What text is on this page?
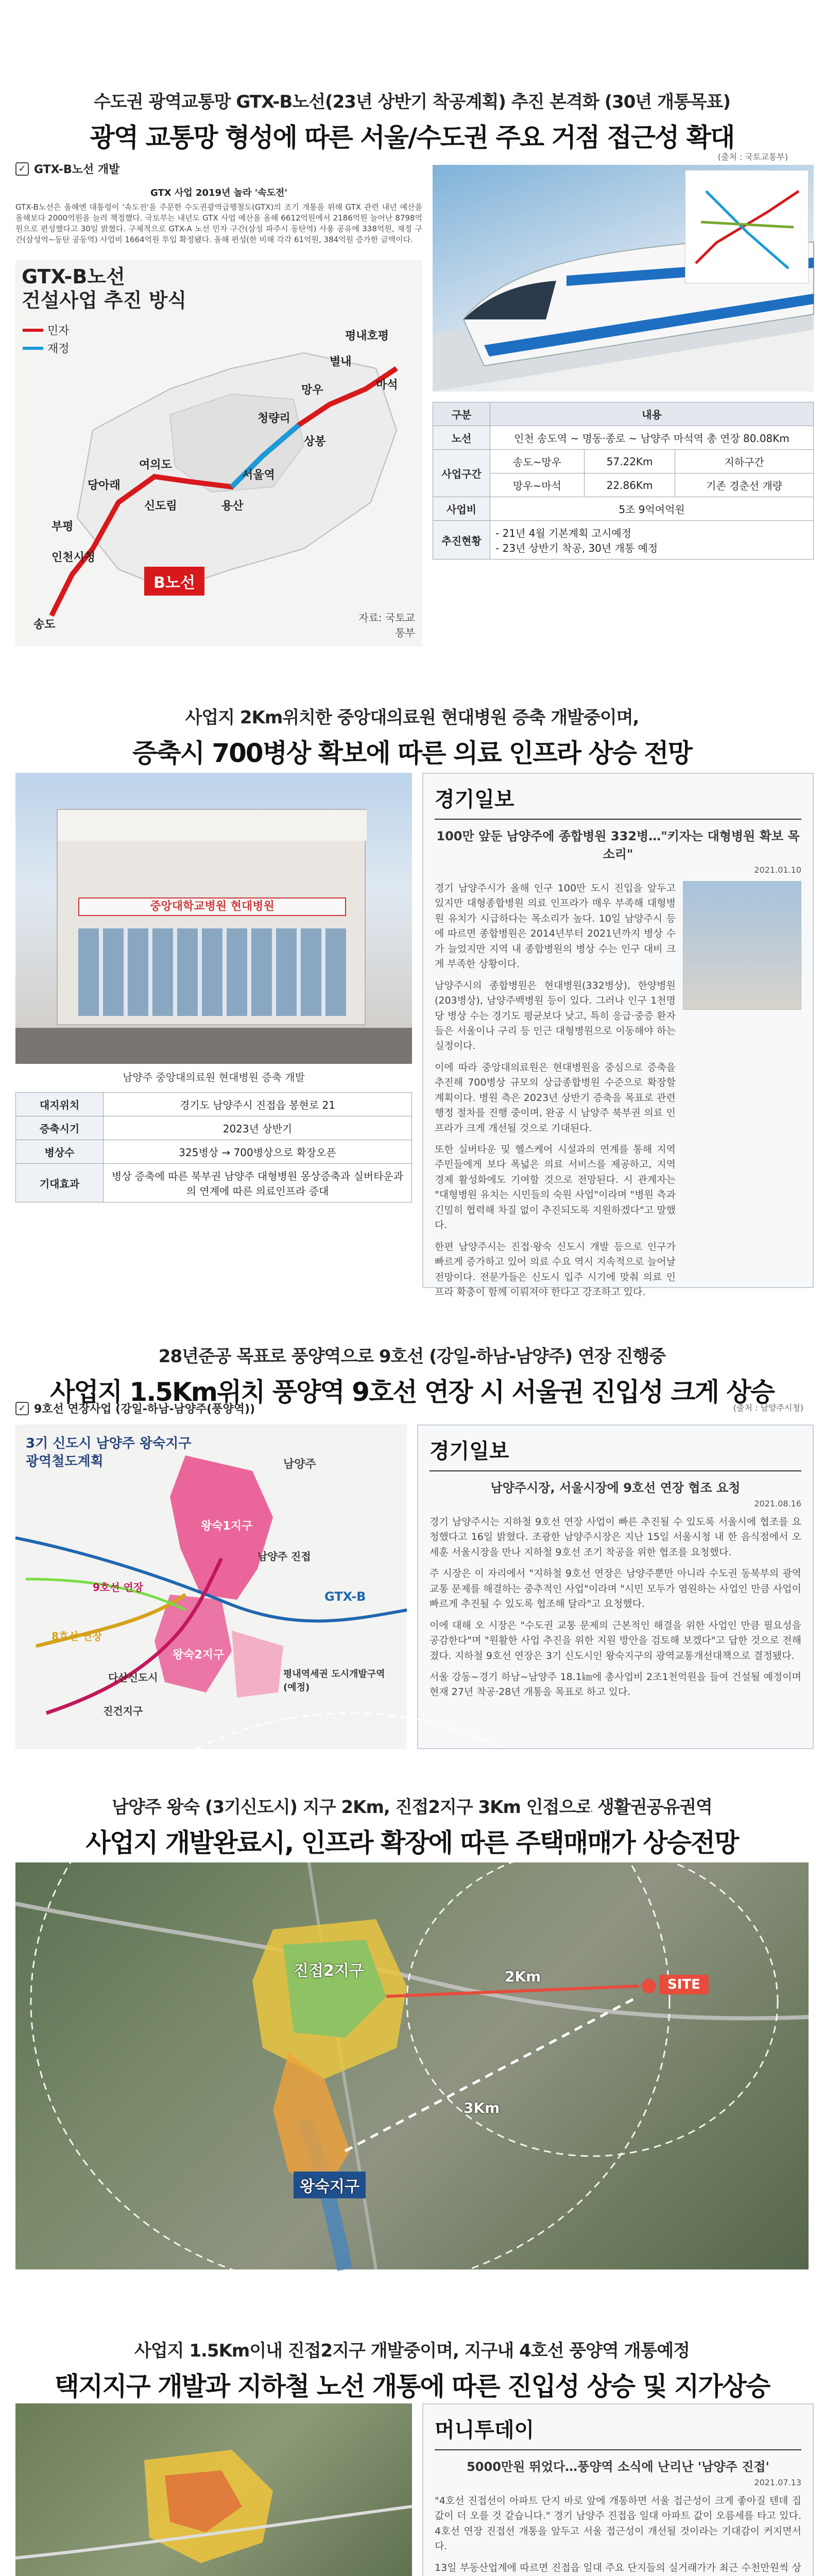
수도권 광역교통망 GTX-B노선(23년 상반기 착공계획) 추진 본격화 (30년 개통목표)
광역 교통망 형성에 따른 서울/수도권 주요 거점 접근성 확대
(출처 : 국토교통부)
✓ GTX-B노선 개발
GTX 사업 2019년 놀라 '속도전'
GTX-B노선은 올해엔 대통령이 '속도전'을 주문한 수도권광역급행철도(GTX)의 조기 개통을 위해 GTX 관련 내년 예산을 올해보다 2000억원을 늘려 책정했다. 국토부는 내년도 GTX 사업 예산을 올해 6612억원에서 2186억원 늘어난 8798억원으로 편성했다고 30일 밝혔다. 구체적으로 GTX-A 노선 민자 구간(삼성 파주시 동탄역) 사용 공유에 338억원, 재정 구간(삼성역~동탄 공동역) 사업비 1664억원 투입 확정됐다. 올해 편성(한 비해 각각 61억원, 384억원 증가한 금액이다.
GTX-B노선
건설사업 추진 방식
민자
재정
송도
인천시청
부평
당아래
여의도
신도림	용산
서울역
청량리
망우
별내
평내호평
마석
상봉
B노선
자료: 국토교통부
구분	내용		
노선	인천 송도역 ~ 명동·종로 ~ 남양주 마석역 총 연장 80.08Km		
사업구간	송도~망우	57.22Km	지하구간
	망우~마석	22.86Km	기존 경춘선 개량
사업비	5조 9억여억원		
추진현황	- 21년 4월 기본계획 고시예정
- 23년 상반기 착공, 30년 개통 예정		
사업지 2Km위치한 중앙대의료원 현대병원 증축 개발중이며,
증축시 700병상 확보에 따른 의료 인프라 상승 전망
중앙대학교병원 현대병원
남양주 중앙대의료원 현대병원 증축 개발
대지위치	경기도 남양주시 진접읍 봉현로 21
증축시기	2023년 상반기
병상수	325병상 → 700병상으로 확장오픈
기대효과	병상 증축에 따른 북부권 남양주 대형병원 몽상증축과 실버타운과의 연계에 따른 의료인프라 증대
경기일보
100만 앞둔 남양주에 종합병원 332병…"키자는 대형병원 확보 목소리"
2021.01.10

경기 남양주시가 올해 인구 100만 도시 진입을 앞두고 있지만 대형종합병원 의료 인프라가 매우 부족해 대형병원 유치가 시급하다는 목소리가 높다. 10일 남양주시 등에 따르면 종합병원은 2014년부터 2021년까지 병상 수가 늘었지만 지역 내 종합병원의 병상 수는 인구 대비 크게 부족한 상황이다.

남양주시의 종합병원은 현대병원(332병상), 한양병원(203병상), 남양주백병원 등이 있다. 그러나 인구 1천명당 병상 수는 경기도 평균보다 낮고, 특히 응급·중증 환자들은 서울이나 구리 등 인근 대형병원으로 이동해야 하는 실정이다.

이에 따라 중앙대의료원은 현대병원을 중심으로 증축을 추진해 700병상 규모의 상급종합병원 수준으로 확장할 계획이다. 병원 측은 2023년 상반기 증축을 목표로 관련 행정 절차를 진행 중이며, 완공 시 남양주 북부권 의료 인프라가 크게 개선될 것으로 기대된다.

또한 실버타운 및 헬스케어 시설과의 연계를 통해 지역 주민들에게 보다 폭넓은 의료 서비스를 제공하고, 지역 경제 활성화에도 기여할 것으로 전망된다. 시 관계자는 "대형병원 유치는 시민들의 숙원 사업"이라며 "병원 측과 긴밀히 협력해 차질 없이 추진되도록 지원하겠다"고 말했다.

한편 남양주시는 진접·왕숙 신도시 개발 등으로 인구가 빠르게 증가하고 있어 의료 수요 역시 지속적으로 늘어날 전망이다. 전문가들은 신도시 입주 시기에 맞춰 의료 인프라 확충이 함께 이뤄져야 한다고 강조하고 있다.

28년준공 목표로 풍양역으로 9호선 (강일-하남-남양주) 연장 진행중
사업지 1.5Km위치 풍양역 9호선 연장 시 서울권 진입성 크게 상승
(출처 : 남양주시청)
✓ 9호선 연장사업 (강일-하남-남양주(풍양역))
3기 신도시 남양주 왕숙지구
광역철도계획	남양주
왕숙1지구
왕숙2지구
GTX-B
8호선 연장
9호선 연장
다산신도시
남양주 진접
평내역세권 도시개발구역(예정)
진건지구
경기일보
남양주시장, 서울시장에 9호선 연장 협조 요청
2021.08.16

경기 남양주시는 지하철 9호선 연장 사업이 빠른 추진될 수 있도록 서울시에 협조를 요청했다고 16일 밝혔다. 조광한 남양주시장은 지난 15일 서울시청 내 한 음식점에서 오세훈 서울시장을 만나 지하철 9호선 조기 착공을 위한 협조를 요청했다.

주 시장은 이 자리에서 "지하철 9호선 연장은 남양주뿐만 아니라 수도권 동북부의 광역 교통 문제를 해결하는 중추적인 사업"이라며 "시민 모두가 염원하는 사업인 만큼 사업이 빠르게 추진될 수 있도록 협조해 달라"고 요청했다.

이에 대해 오 시장은 "수도권 교통 문제의 근본적인 해결을 위한 사업인 만큼 필요성을 공감한다"며 "원활한 사업 추진을 위한 지원 방안을 검토해 보겠다"고 답한 것으로 전해졌다. 지하철 9호선 연장은 3기 신도시인 왕숙지구의 광역교통개선대책으로 결정됐다.

서울 강동~경기 하남~남양주 18.1㎞에 총사업비 2조1천억원을 들여 건설될 예정이며 현재 27년 착공·28년 개통을 목표로 하고 있다.

남양주 왕숙 (3기신도시) 지구 2Km, 진접2지구 3Km 인접으로 생활권공유권역
사업지 개발완료시, 인프라 확장에 따른 주택매매가 상승전망
진접2지구
왕숙지구
2Km
3Km
SITE
사업지 1.5Km이내 진접2지구 개발중이며, 지구내 4호선 풍양역 개통예정
택지지구 개발과 지하철 노선 개통에 따른 진입성 상승 및 지가상승

머니투데이
5000만원 뛰었다…풍양역 소식에 난리난 '남양주 진접'
2021.07.13

"4호선 진접선이 아파트 단지 바로 앞에 개통하면 서울 접근성이 크게 좋아질 텐데 집값이 더 오를 것 같습니다." 경기 남양주 진접읍 일대 아파트 값이 오름세를 타고 있다. 4호선 연장 진접선 개통을 앞두고 서울 접근성이 개선될 것이라는 기대감이 커지면서다.

13일 부동산업계에 따르면 진접읍 일대 주요 단지들의 실거래가가 최근 수천만원씩 상
